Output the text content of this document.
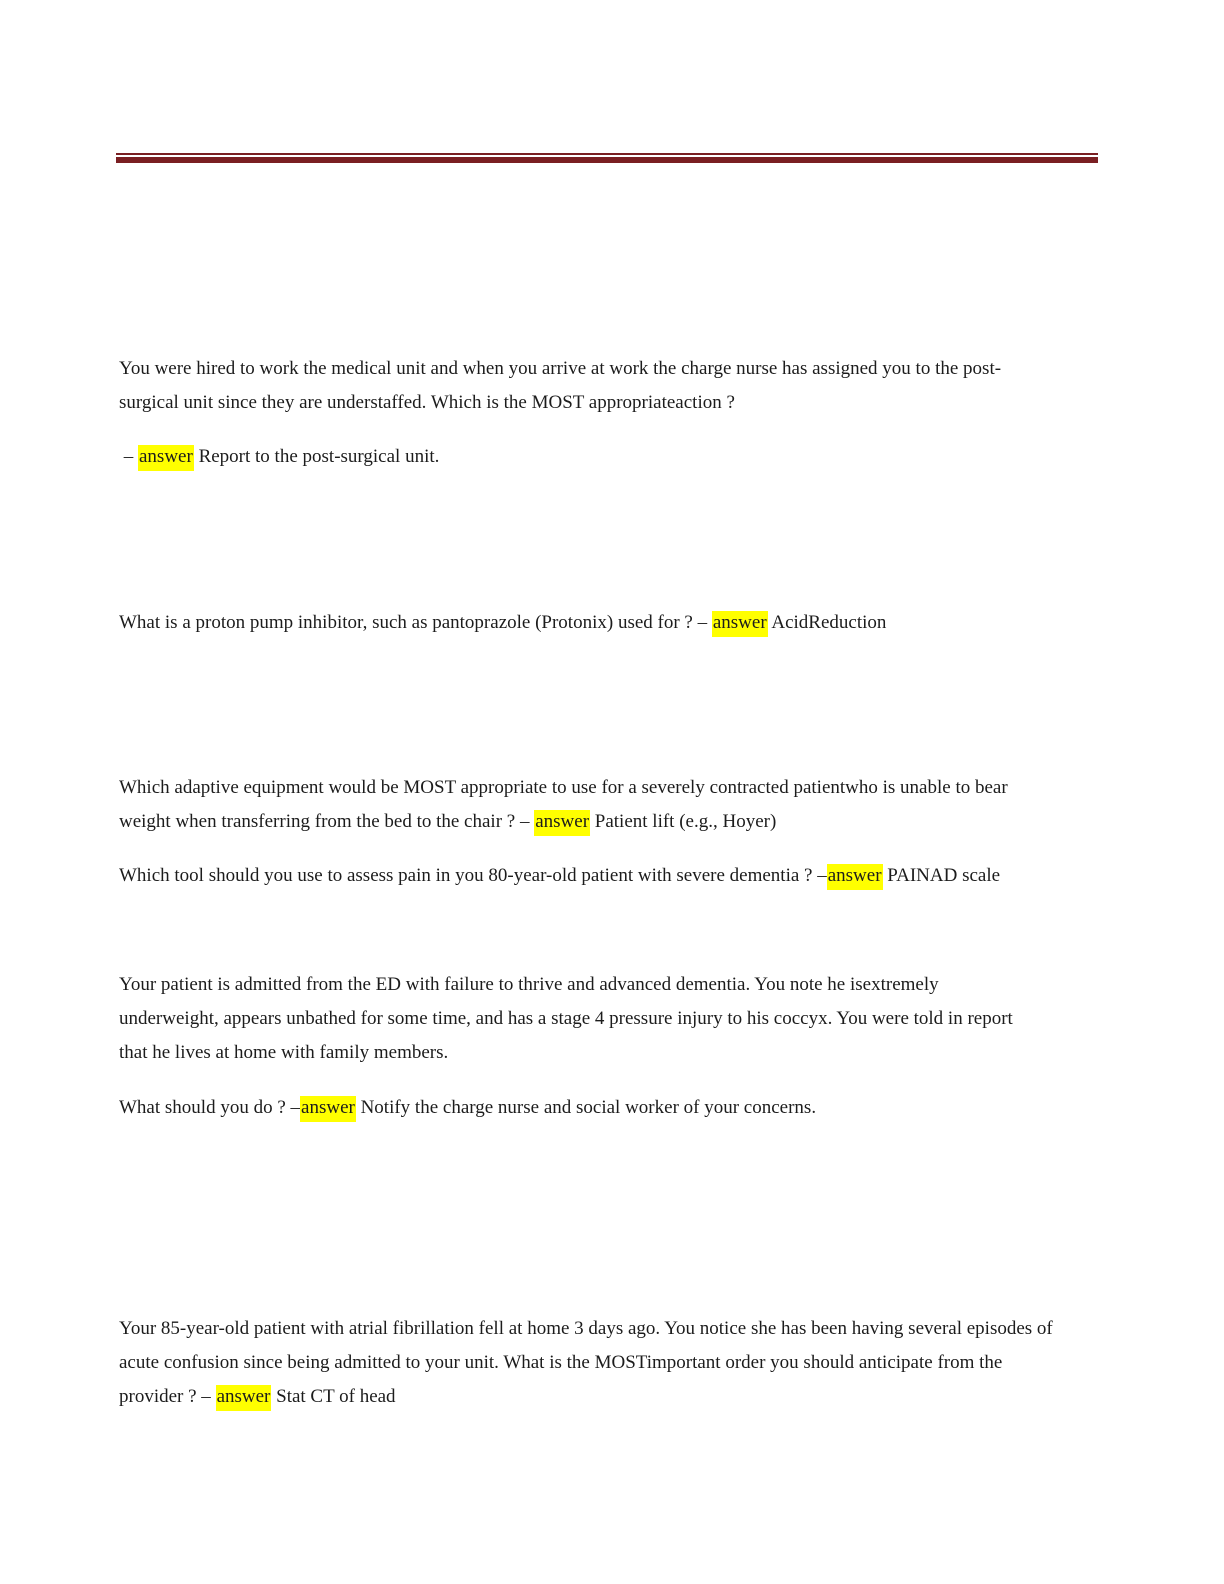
You were hired to work the medical unit and when you arrive at work the charge nurse has assigned you to the post-
surgical unit since they are understaffed. Which is the MOST appropriateaction ?

– answer Report to the post-surgical unit.

What is a proton pump inhibitor, such as pantoprazole (Protonix) used for ? – answer AcidReduction

Which adaptive equipment would be MOST appropriate to use for a severely contracted patientwho is unable to bear
weight when transferring from the bed to the chair ? – answer Patient lift (e.g., Hoyer)

Which tool should you use to assess pain in you 80-year-old patient with severe dementia ? –answer PAINAD scale

Your patient is admitted from the ED with failure to thrive and advanced dementia. You note he isextremely
underweight, appears unbathed for some time, and has a stage 4 pressure injury to his coccyx. You were told in report
that he lives at home with family members.

What should you do ? –answer Notify the charge nurse and social worker of your concerns.

Your 85-year-old patient with atrial fibrillation fell at home 3 days ago. You notice she has been having several episodes of
acute confusion since being admitted to your unit. What is the MOSTimportant order you should anticipate from the
provider ? – answer Stat CT of head
